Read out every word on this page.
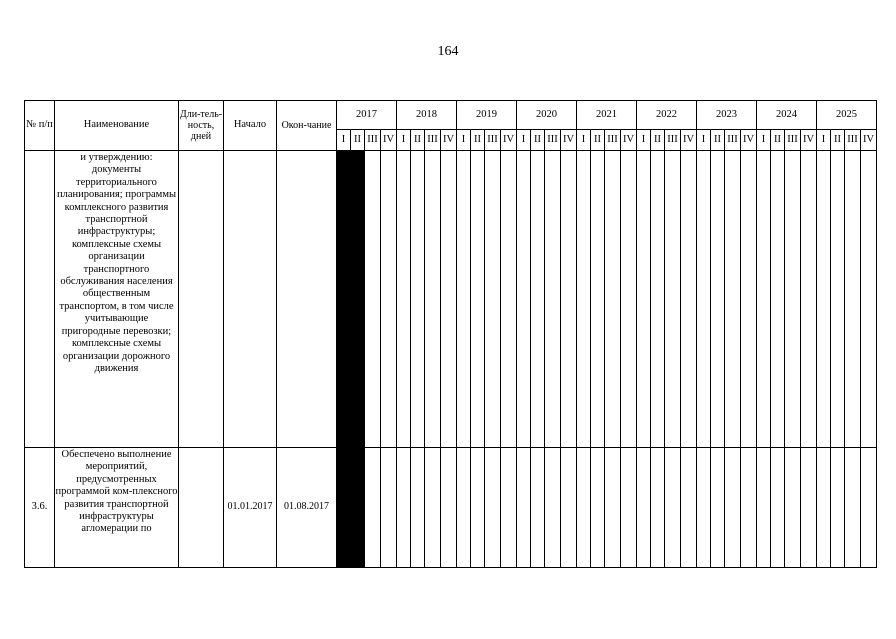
164
№ п/п	Наименование	Дли-тель-ность, дней	Начало	Окон-чание	2017				2018				2019				2020				2021				2022				2023				2024				2025			
					I	II	III	IV	I	II	III	IV	I	II	III	IV	I	II	III	IV	I	II	III	IV	I	II	III	IV	I	II	III	IV	I	II	III	IV	I	II	III	IV
	и утверждению: документы территориального планирования; программы комплексного развития транспортной инфраструктуры; комплексные схемы организации транспортного обслуживания населения общественным транспортом, в том числе учитывающие пригородные перевозки; комплексные схемы организации дорожного движения																																							
3.6.	Обеспечено выполнение мероприятий, предусмотренных программой ком-плексного развития транспортной инфраструктуры агломерации по		01.01.2017	01.08.2017																																				
